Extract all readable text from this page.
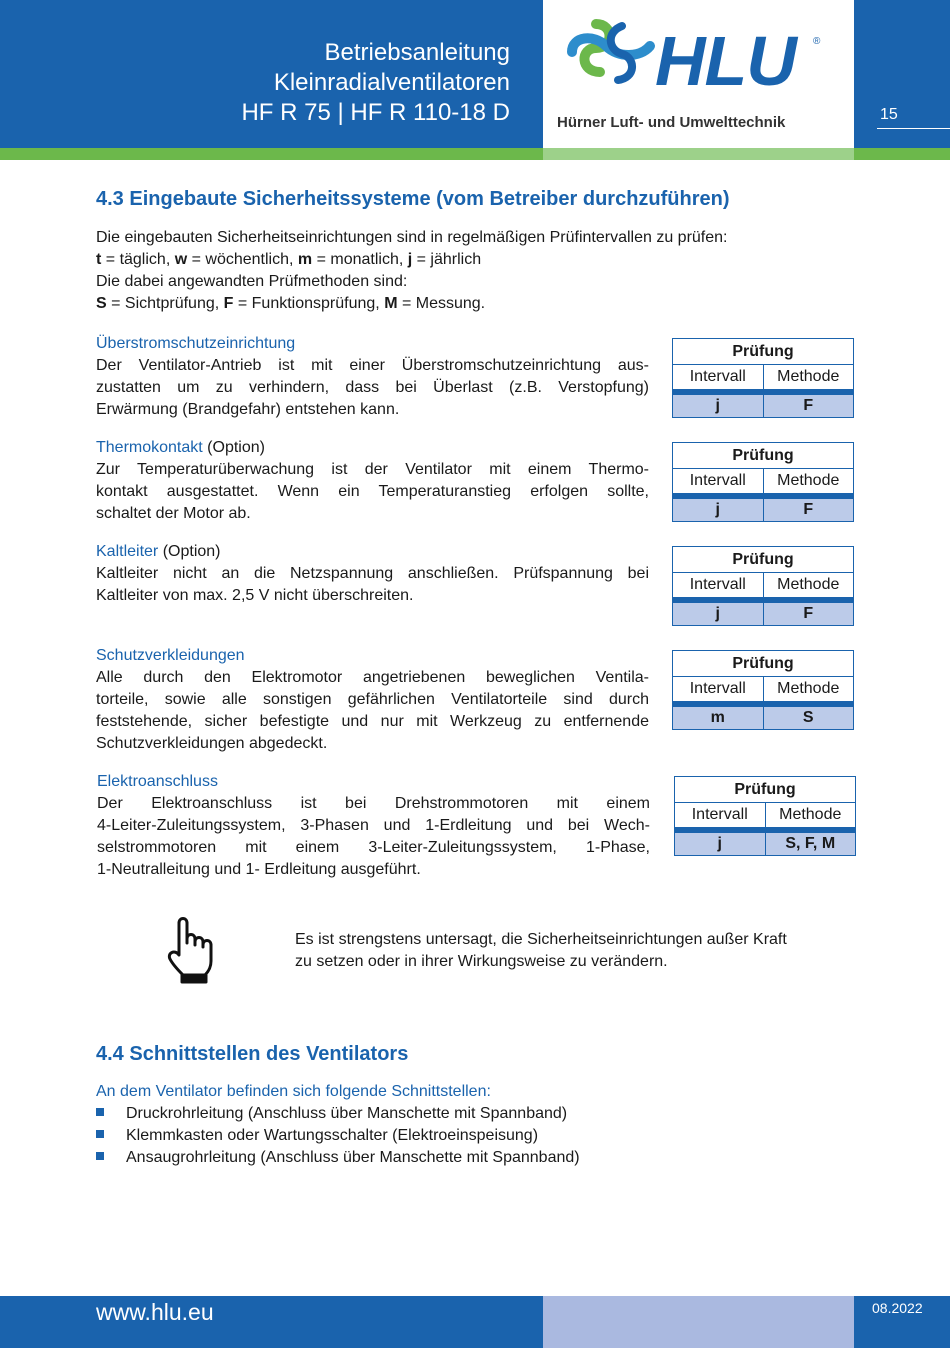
Betriebsanleitung
Kleinradialventilatoren
HF R 75 | HF R 110-18 D
HLU ®
Hürner Luft- und Umwelttechnik	15
4.3 Eingebaute Sicherheitssysteme (vom Betreiber durchzuführen)
Die eingebauten Sicherheitseinrichtungen sind in regelmäßigen Prüfintervallen zu prüfen:
t = täglich, w = wöchentlich, m = monatlich, j = jährlich
Die dabei angewandten Prüfmethoden sind:
S = Sichtprüfung, F = Funktionsprüfung, M = Messung.
Überstromschutzeinrichtung
Der Ventilator-Antrieb ist mit einer Überstromschutzeinrichtung aus-
zustatten um zu verhindern, dass bei Überlast (z.B. Verstopfung)
Erwärmung (Brandgefahr) entstehen kann.
Prüfung
Intervall	Methode
j	F
Thermokontakt (Option)
Zur Temperaturüberwachung ist der Ventilator mit einem Thermo-
kontakt ausgestattet. Wenn ein Temperaturanstieg erfolgen sollte,
schaltet der Motor ab.
Prüfung
Intervall	Methode
j	F
Kaltleiter (Option)
Kaltleiter nicht an die Netzspannung anschließen. Prüfspannung bei
Kaltleiter von max. 2,5 V nicht überschreiten.
Prüfung
Intervall	Methode
j	F
Schutzverkleidungen
Alle durch den Elektromotor angetriebenen beweglichen Ventila-
torteile, sowie alle sonstigen gefährlichen Ventilatorteile sind durch
feststehende, sicher befestigte und nur mit Werkzeug zu entfernende
Schutzverkleidungen abgedeckt.
Prüfung
Intervall	Methode
m	S
Elektroanschluss
Der Elektroanschluss ist bei Drehstrommotoren mit einem
4-Leiter-Zuleitungssystem, 3-Phasen und 1-Erdleitung und bei Wech-
selstrommotoren mit einem 3-Leiter-Zuleitungssystem, 1-Phase,
1-Neutralleitung und 1- Erdleitung ausgeführt.
Prüfung
Intervall	Methode
j	S, F, M
Es ist strengstens untersagt, die Sicherheitseinrichtungen außer Kraft
zu setzen oder in ihrer Wirkungsweise zu verändern.
4.4 Schnittstellen des Ventilators
An dem Ventilator befinden sich folgende Schnittstellen:
Druckrohrleitung (Anschluss über Manschette mit Spannband)
Klemmkasten oder Wartungsschalter (Elektroeinspeisung)
Ansaugrohrleitung (Anschluss über Manschette mit Spannband)
www.hlu.eu	08.2022
